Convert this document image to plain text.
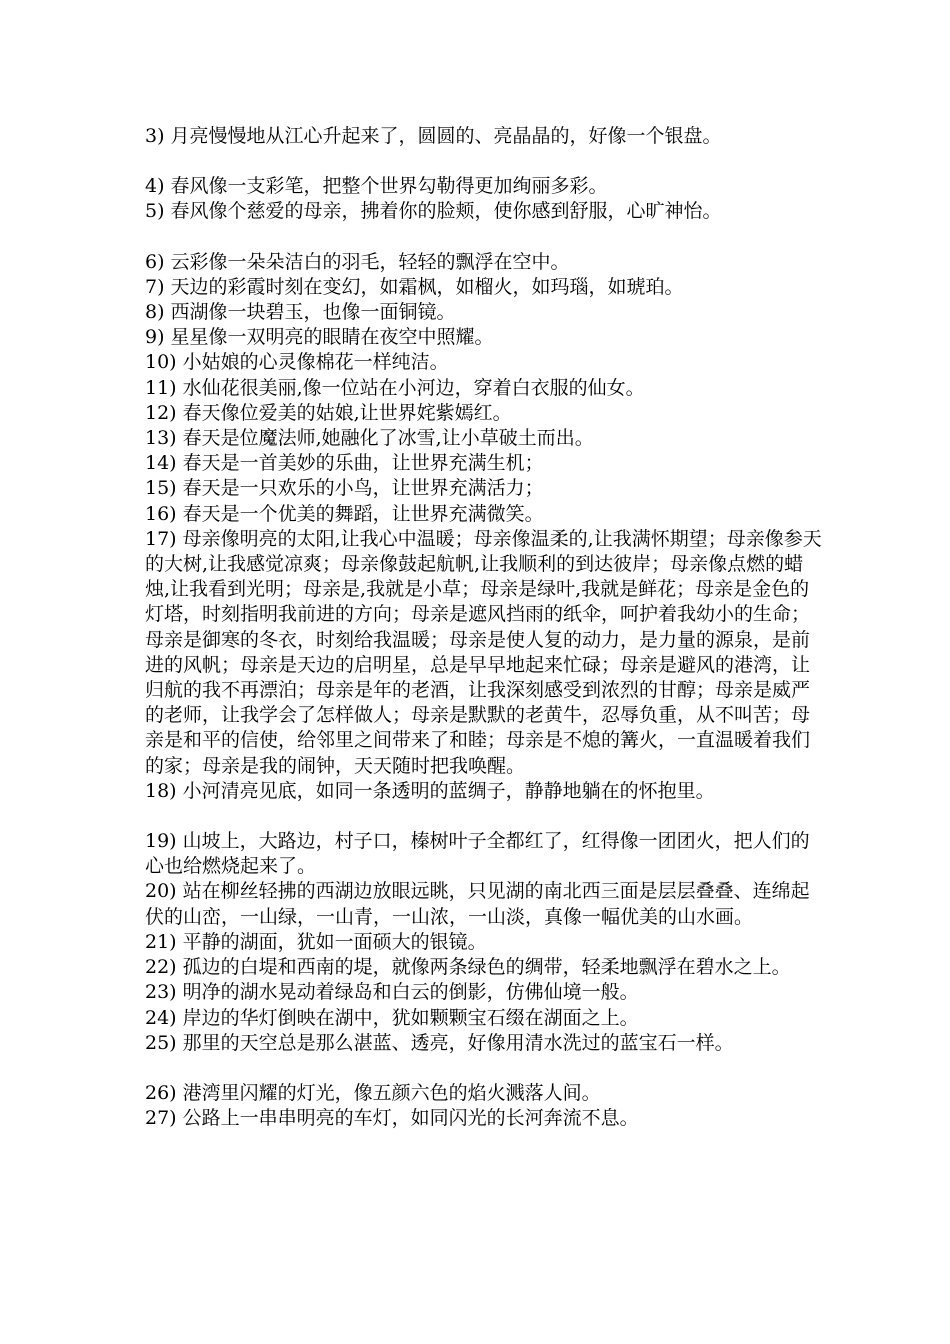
3) 月亮慢慢地从江心升起来了，圆圆的、亮晶晶的，好像一个银盘。

4) 春风像一支彩笔，把整个世界勾勒得更加绚丽多彩。

5) 春风像个慈爱的母亲，拂着你的脸颊，使你感到舒服，心旷神怡。

6) 云彩像一朵朵洁白的羽毛，轻轻的飘浮在空中。

7) 天边的彩霞时刻在变幻，如霜枫，如榴火，如玛瑙，如琥珀。

8) 西湖像一块碧玉，也像一面铜镜。

9) 星星像一双明亮的眼睛在夜空中照耀。

10) 小姑娘的心灵像棉花一样纯洁。

11) 水仙花很美丽,像一位站在小河边，穿着白衣服的仙女。

12) 春天像位爱美的姑娘,让世界姹紫嫣红。

13) 春天是位魔法师,她融化了冰雪,让小草破土而出。

14) 春天是一首美妙的乐曲，让世界充满生机；

15) 春天是一只欢乐的小鸟，让世界充满活力；

16) 春天是一个优美的舞蹈，让世界充满微笑。

17) 母亲像明亮的太阳,让我心中温暖；母亲像温柔的,让我满怀期望；母亲像参天的大树,让我感觉凉爽；母亲像鼓起航帆,让我顺利的到达彼岸；母亲像点燃的蜡烛,让我看到光明；母亲是,我就是小草；母亲是绿叶,我就是鲜花；母亲是金色的灯塔，时刻指明我前进的方向；母亲是遮风挡雨的纸伞，呵护着我幼小的生命；母亲是御寒的冬衣，时刻给我温暖；母亲是使人复的动力，是力量的源泉，是前进的风帆；母亲是天边的启明星，总是早早地起来忙碌；母亲是避风的港湾，让归航的我不再漂泊；母亲是年的老酒，让我深刻感受到浓烈的甘醇；母亲是威严的老师，让我学会了怎样做人；母亲是默默的老黄牛，忍辱负重，从不叫苦；母亲是和平的信使，给邻里之间带来了和睦；母亲是不熄的篝火，一直温暖着我们的家；母亲是我的闹钟，天天随时把我唤醒。

18) 小河清亮见底，如同一条透明的蓝绸子，静静地躺在的怀抱里。

19) 山坡上，大路边，村子口，榛树叶子全都红了，红得像一团团火，把人们的心也给燃烧起来了。

20) 站在柳丝轻拂的西湖边放眼远眺，只见湖的南北西三面是层层叠叠、连绵起伏的山峦，一山绿，一山青，一山浓，一山淡，真像一幅优美的山水画。

21) 平静的湖面，犹如一面硕大的银镜。

22) 孤边的白堤和西南的堤，就像两条绿色的绸带，轻柔地飘浮在碧水之上。

23) 明净的湖水晃动着绿岛和白云的倒影，仿佛仙境一般。

24) 岸边的华灯倒映在湖中，犹如颗颗宝石缀在湖面之上。

25) 那里的天空总是那么湛蓝、透亮，好像用清水洗过的蓝宝石一样。

26) 港湾里闪耀的灯光，像五颜六色的焰火溅落人间。

27) 公路上一串串明亮的车灯，如同闪光的长河奔流不息。
